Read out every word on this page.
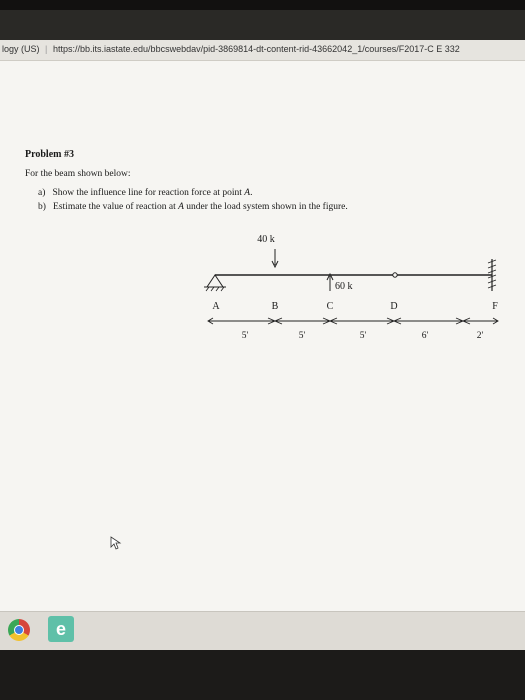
logy (US) | https://bb.its.iastate.edu/bbcswebdav/pid-3869814-dt-content-rid-43662042_1/courses/F2017-C E 332
Problem #3
For the beam shown below:
a) Show the influence line for reaction force at point A.
b) Estimate the value of reaction at A under the load system shown in the figure.
40 k
60 k
A	B	C	D	F
5'	5'	5'	6'	2'
e
